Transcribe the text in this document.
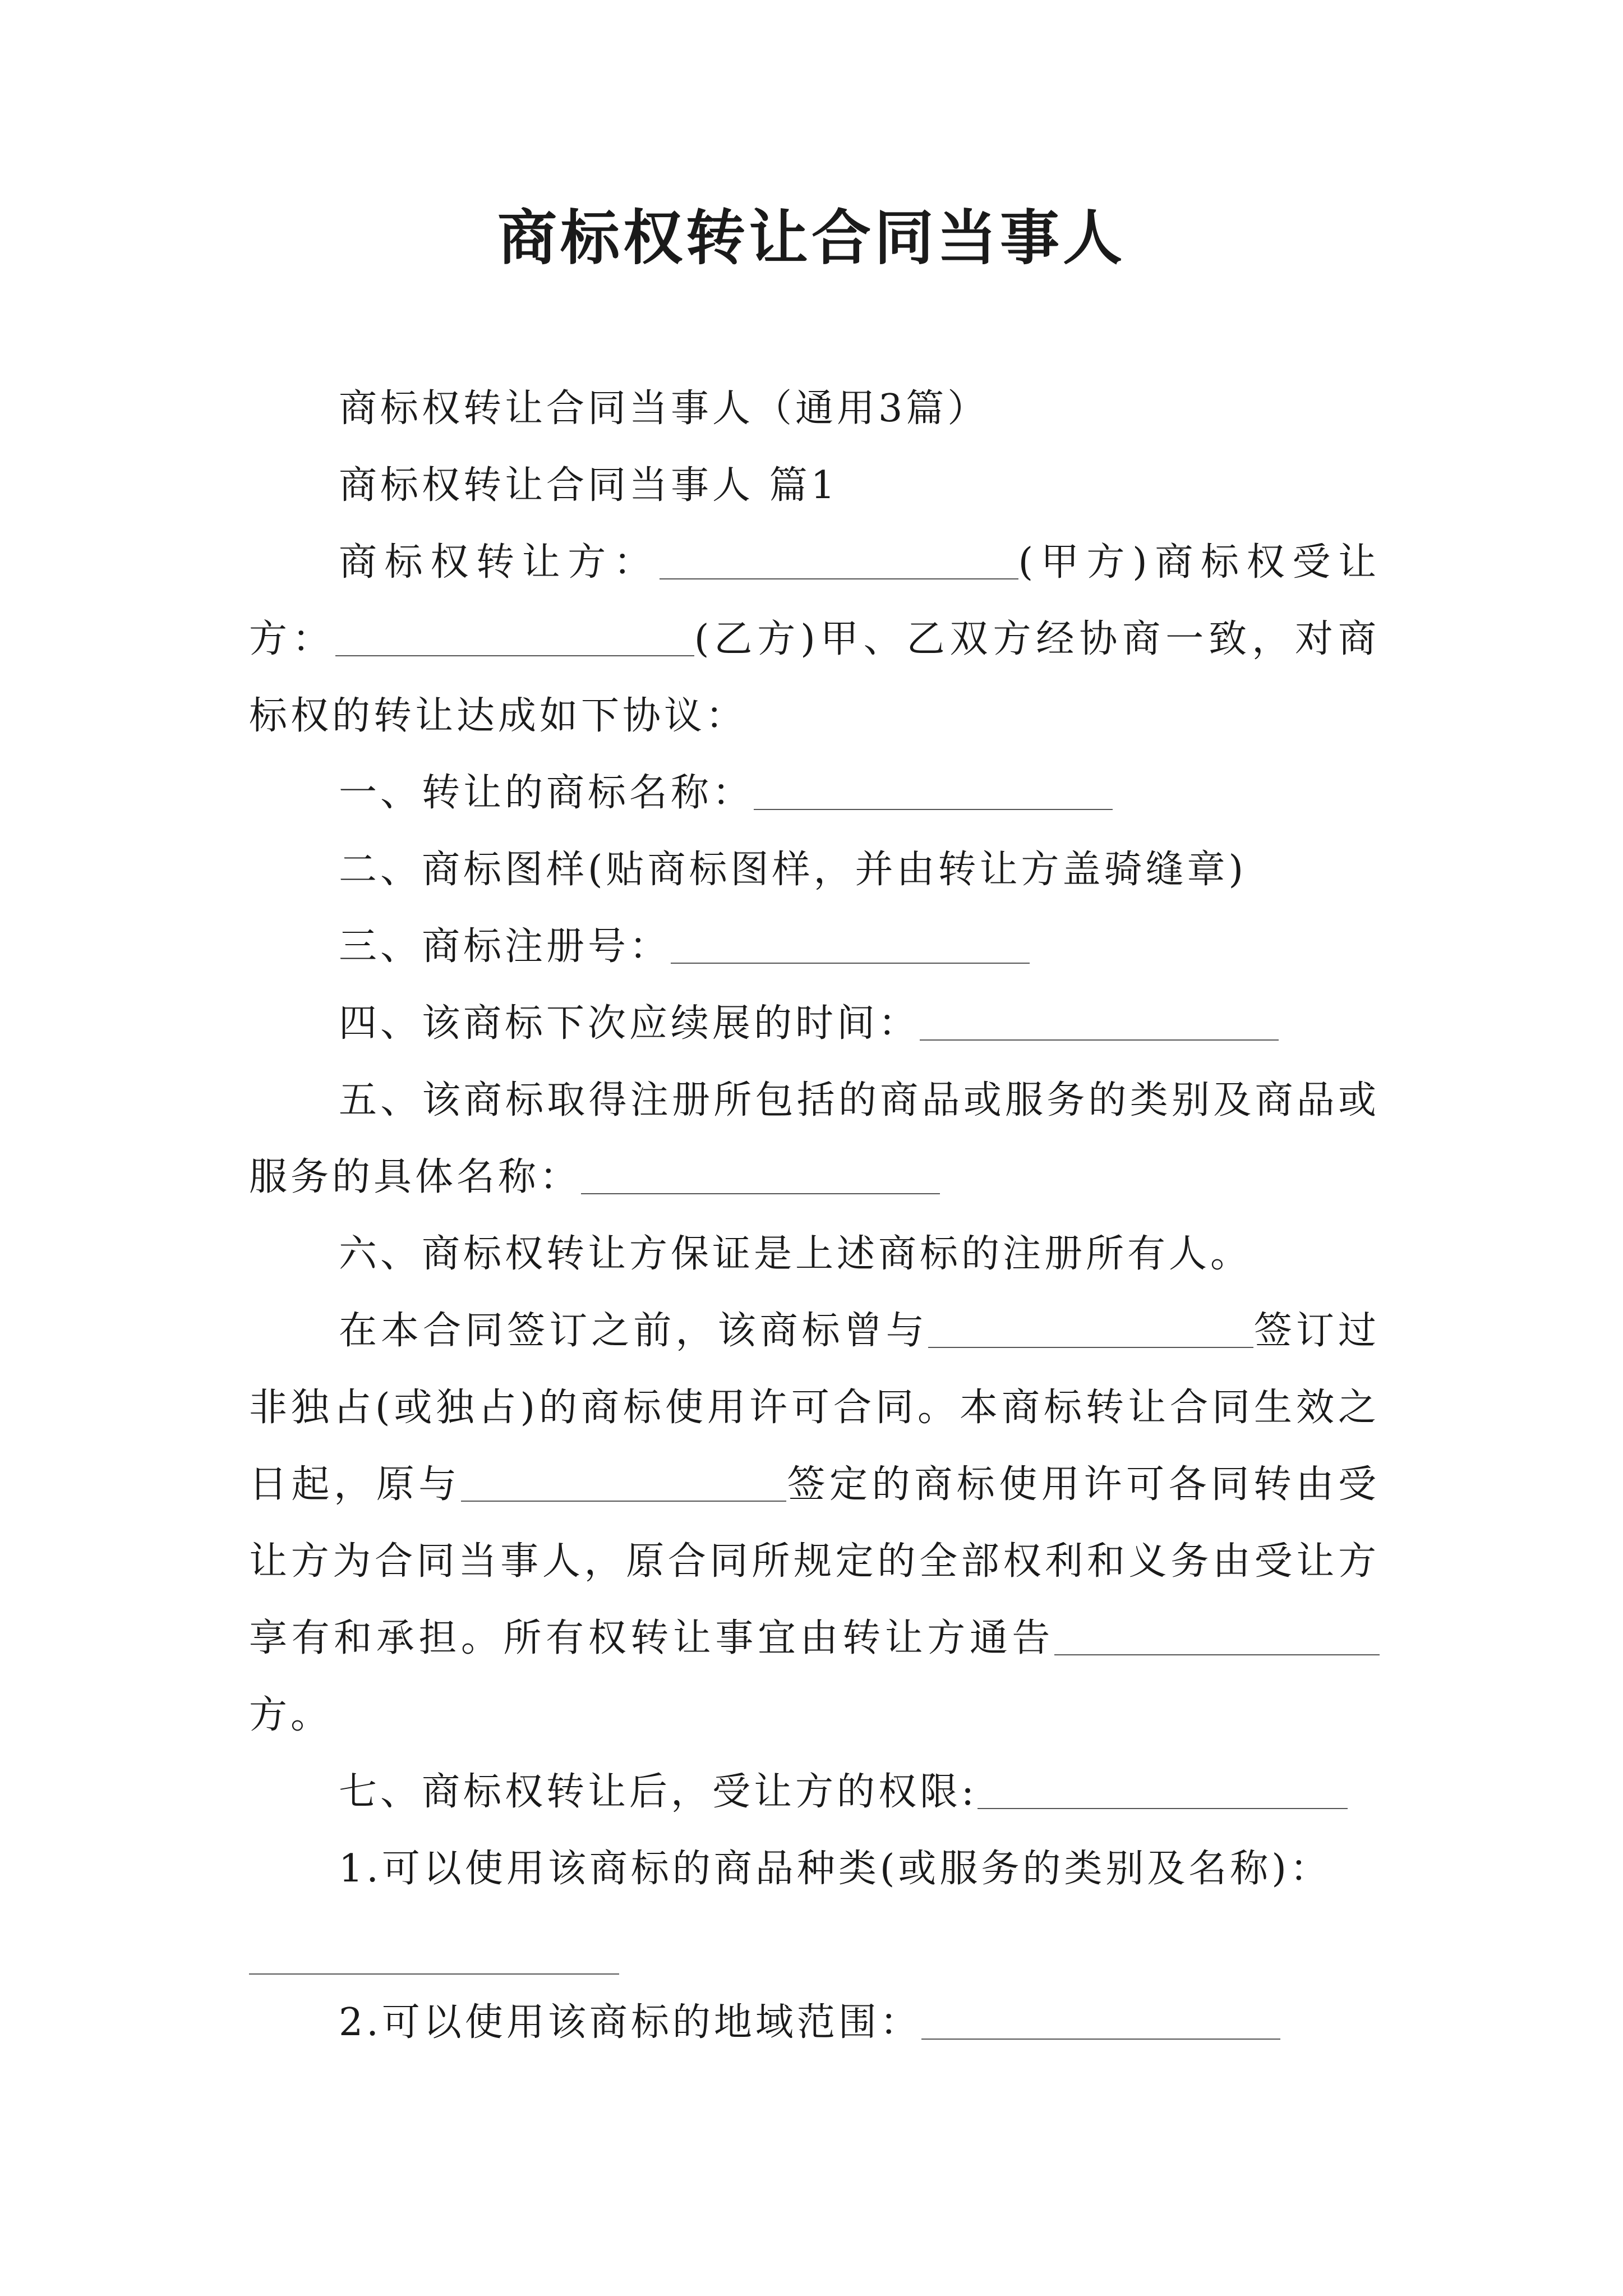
商标权转让合同当事人

商标权转让合同当事人（通用3篇）

商标权转让合同当事人 篇1

商标权转让方：	(甲方)商标权受让方：	(乙方)甲、乙双方经协商一致，对商标权的转让达成如下协议：

一、转让的商标名称：

二、商标图样(贴商标图样，并由转让方盖骑缝章)

三、商标注册号：

四、该商标下次应续展的时间：

五、该商标取得注册所包括的商品或服务的类别及商品或服务的具体名称：

六、商标权转让方保证是上述商标的注册所有人。

在本合同签订之前，该商标曾与	签订过非独占(或独占)的商标使用许可合同。本商标转让合同生效之日起，原与	签定的商标使用许可各同转由受让方为合同当事人，原合同所规定的全部权利和义务由受让方享有和承担。所有权转让事宜由转让方通告方。

七、商标权转让后，受让方的权限:

1.可以使用该商标的商品种类(或服务的类别及名称)：

2.可以使用该商标的地域范围：
